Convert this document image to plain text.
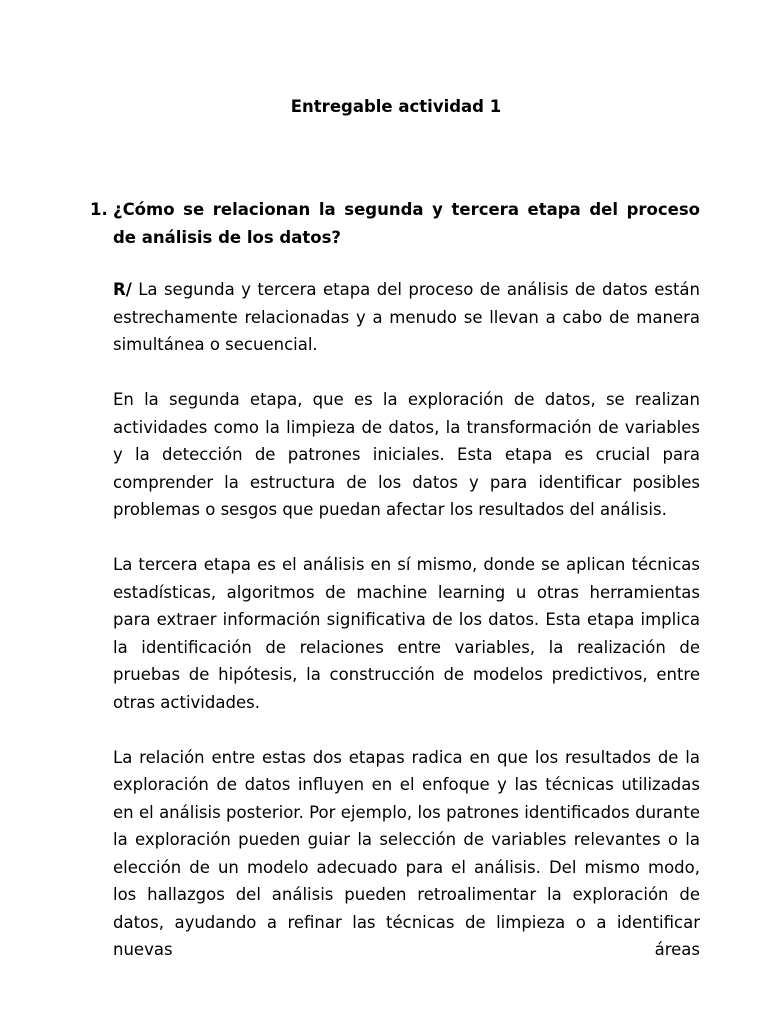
Entregable actividad 1
1. ¿Cómo se relacionan la segunda y tercera etapa del proceso de análisis de los datos?

R/ La segunda y tercera etapa del proceso de análisis de datos están estrechamente relacionadas y a menudo se llevan a cabo de manera simultánea o secuencial.

En la segunda etapa, que es la exploración de datos, se realizan actividades como la limpieza de datos, la transformación de variables y la detección de patrones iniciales. Esta etapa es crucial para comprender la estructura de los datos y para identificar posibles problemas o sesgos que puedan afectar los resultados del análisis.

La tercera etapa es el análisis en sí mismo, donde se aplican técnicas estadísticas, algoritmos de machine learning u otras herramientas para extraer información significativa de los datos. Esta etapa implica la identificación de relaciones entre variables, la realización de pruebas de hipótesis, la construcción de modelos predictivos, entre otras actividades.

La relación entre estas dos etapas radica en que los resultados de la exploración de datos influyen en el enfoque y las técnicas utilizadas en el análisis posterior. Por ejemplo, los patrones identificados durante la exploración pueden guiar la selección de variables relevantes o la elección de un modelo adecuado para el análisis. Del mismo modo, los hallazgos del análisis pueden retroalimentar la exploración de datos, ayudando a refinar las técnicas de limpieza o a identificar nuevas áreas
